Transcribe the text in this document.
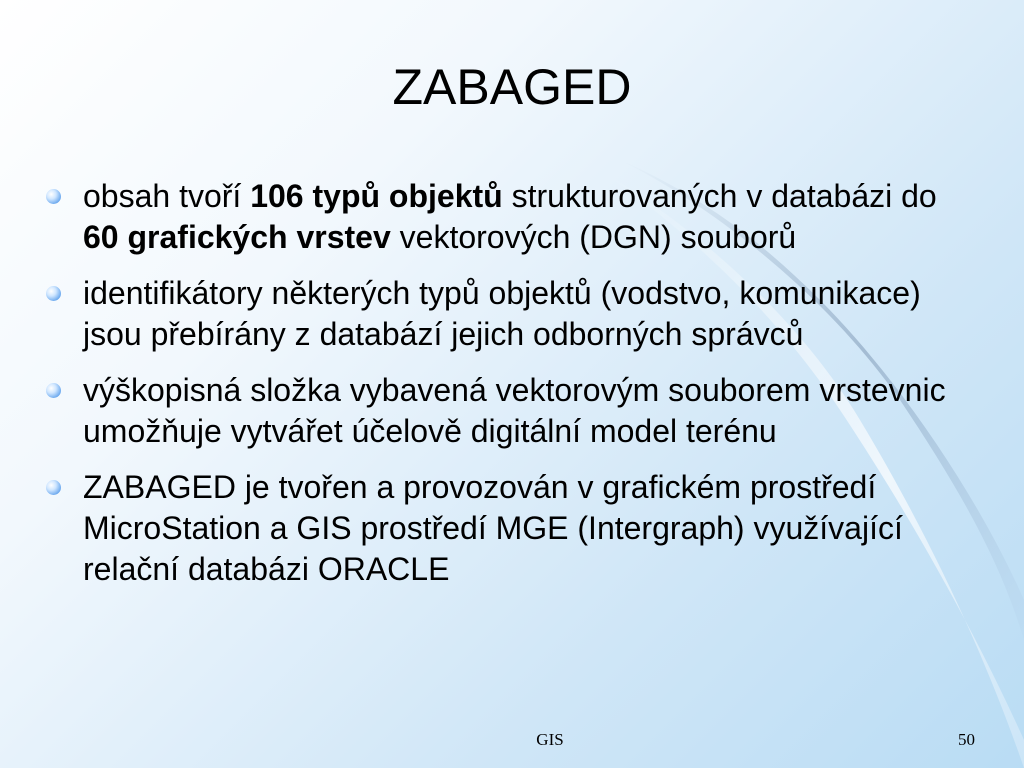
ZABAGED
obsah tvoří 106 typů objektů strukturovaných v databázi do 60 grafických vrstev vektorových (DGN) souborů
identifikátory některých typů objektů (vodstvo, komunikace) jsou přebírány z databází jejich odborných správců
výškopisná složka vybavená vektorovým souborem vrstevnic umožňuje vytvářet účelově digitální model terénu
ZABAGED je tvořen a provozován v grafickém prostředí MicroStation a GIS prostředí MGE (Intergraph) využívající relační databázi ORACLE
GIS	50
